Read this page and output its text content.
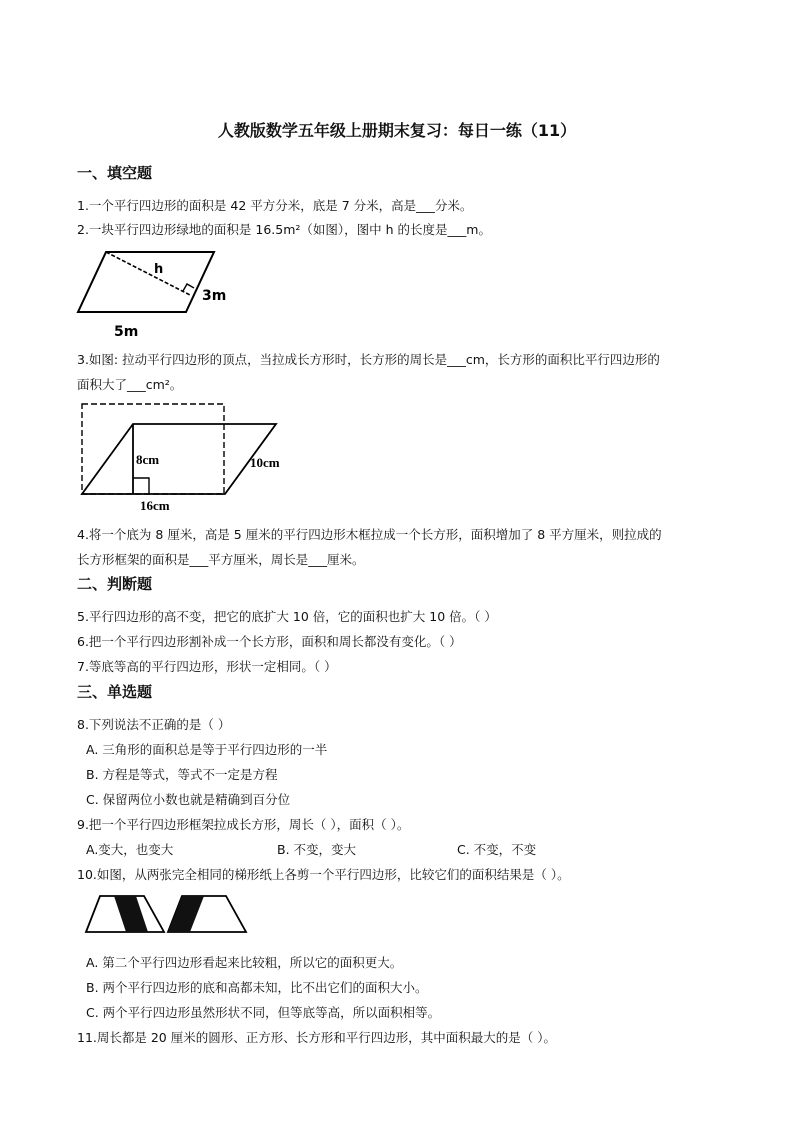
人教版数学五年级上册期末复习：每日一练（11）
一、填空题
1.一个平行四边形的面积是 42 平方分米，底是 7 分米，高是___分米。
2.一块平行四边形绿地的面积是 16.5m²（如图），图中 h 的长度是___m。
h
3m
5m
3.如图: 拉动平行四边形的顶点，当拉成长方形时，长方形的周长是___cm，长方形的面积比平行四边形的
面积大了___cm²。
8cm	10cm
16cm
4.将一个底为 8 厘米，高是 5 厘米的平行四边形木框拉成一个长方形，面积增加了 8 平方厘米，则拉成的
长方形框架的面积是___平方厘米，周长是___厘米。
二、判断题
5.平行四边形的高不变，把它的底扩大 10 倍，它的面积也扩大 10 倍。（ ）
6.把一个平行四边形割补成一个长方形，面积和周长都没有变化。（ ）
7.等底等高的平行四边形，形状一定相同。（ ）
三、单选题
8.下列说法不正确的是（ ）
A. 三角形的面积总是等于平行四边形的一半
B. 方程是等式，等式不一定是方程
C. 保留两位小数也就是精确到百分位
9.把一个平行四边形框架拉成长方形，周长（ ），面积（ ）。
A.变大，也变大	B. 不变，变大	C. 不变，不变
10.如图，从两张完全相同的梯形纸上各剪一个平行四边形，比较它们的面积结果是（ ）。
A. 第二个平行四边形看起来比较粗，所以它的面积更大。
B. 两个平行四边形的底和高都未知，比不出它们的面积大小。
C. 两个平行四边形虽然形状不同，但等底等高，所以面积相等。
11.周长都是 20 厘米的圆形、正方形、长方形和平行四边形，其中面积最大的是（ ）。
